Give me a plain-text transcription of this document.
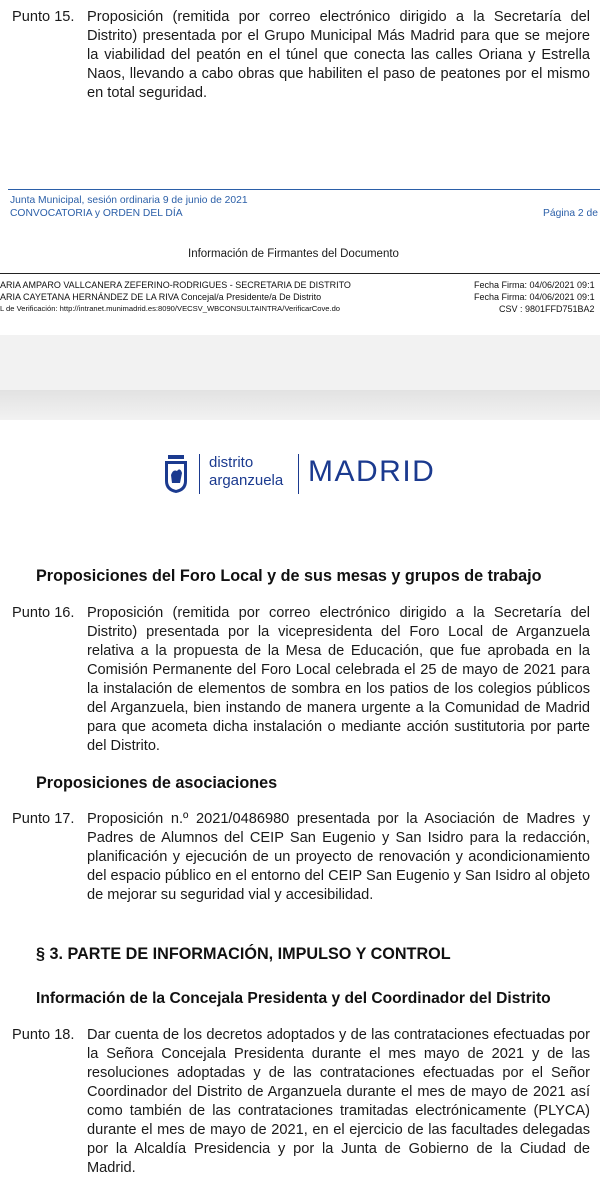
Punto 15. Proposición (remitida por correo electrónico dirigido a la Secretaría del Distrito) presentada por el Grupo Municipal Más Madrid para que se mejore la viabilidad del peatón en el túnel que conecta las calles Oriana y Estrella Naos, llevando a cabo obras que habiliten el paso de peatones por el mismo en total seguridad.
Junta Municipal, sesión ordinaria 9 de junio de 2021
CONVOCATORIA y ORDEN DEL DÍA	Página 2 de
Información de Firmantes del Documento
ARIA AMPARO VALLCANERA ZEFERINO-RODRIGUES - SECRETARIA DE DISTRITO	Fecha Firma: 04/06/2021 09:1
ARIA CAYETANA HERNÁNDEZ DE LA RIVA Concejal/a Presidente/a De Distrito	Fecha Firma: 04/06/2021 09:1
L de Verificación: http://intranet.munimadrid.es:8090/VECSV_WBCONSULTAINTRA/VerificarCove.do	CSV : 9801FFD751BA2
distrito
arganzuela MADRID
Proposiciones del Foro Local y de sus mesas y grupos de trabajo
Punto 16. Proposición (remitida por correo electrónico dirigido a la Secretaría del Distrito) presentada por la vicepresidenta del Foro Local de Arganzuela relativa a la propuesta de la Mesa de Educación, que fue aprobada en la Comisión Permanente del Foro Local celebrada el 25 de mayo de 2021 para la instalación de elementos de sombra en los patios de los colegios públicos del Arganzuela, bien instando de manera urgente a la Comunidad de Madrid para que acometa dicha instalación o mediante acción sustitutoria por parte del Distrito.
Proposiciones de asociaciones
Punto 17. Proposición n.º 2021/0486980 presentada por la Asociación de Madres y Padres de Alumnos del CEIP San Eugenio y San Isidro para la redacción, planificación y ejecución de un proyecto de renovación y acondicionamiento del espacio público en el entorno del CEIP San Eugenio y San Isidro al objeto de mejorar su seguridad vial y accesibilidad.
§ 3. PARTE DE INFORMACIÓN, IMPULSO Y CONTROL
Información de la Concejala Presidenta y del Coordinador del Distrito
Punto 18. Dar cuenta de los decretos adoptados y de las contrataciones efectuadas por la Señora Concejala Presidenta durante el mes mayo de 2021 y de las resoluciones adoptadas y de las contrataciones efectuadas por el Señor Coordinador del Distrito de Arganzuela durante el mes de mayo de 2021 así como también de las contrataciones tramitadas electrónicamente (PLYCA) durante el mes de mayo de 2021, en el ejercicio de las facultades delegadas por la Alcaldía Presidencia y por la Junta de Gobierno de la Ciudad de Madrid.
